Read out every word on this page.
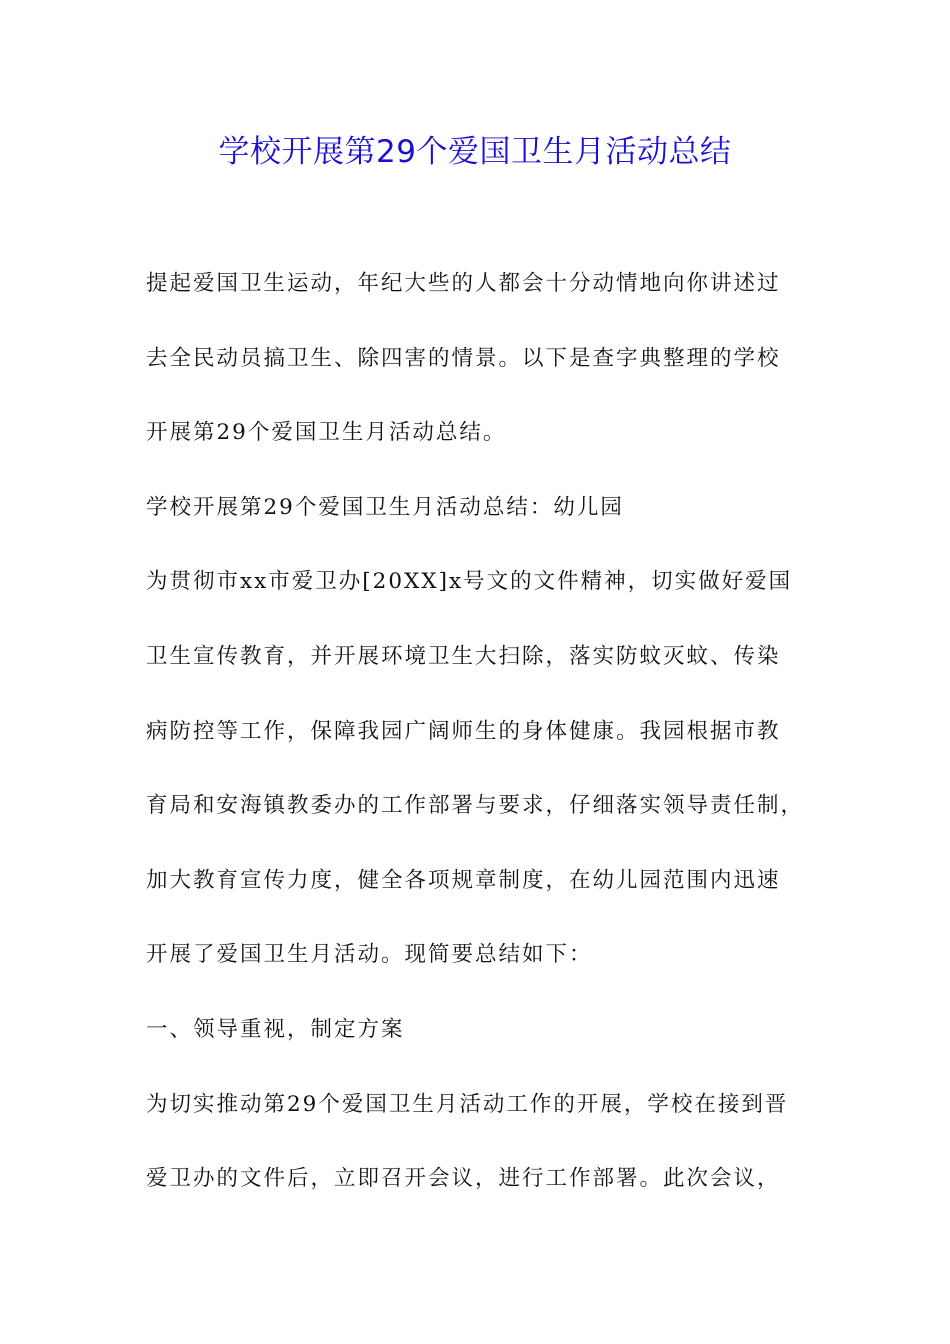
学校开展第29个爱国卫生月活动总结
提起爱国卫生运动，年纪大些的人都会十分动情地向你讲述过
去全民动员搞卫生、除四害的情景。以下是查字典整理的学校
开展第29个爱国卫生月活动总结。
学校开展第29个爱国卫生月活动总结：幼儿园
为贯彻市xx市爱卫办[20XX]x号文的文件精神，切实做好爱国
卫生宣传教育，并开展环境卫生大扫除，落实防蚊灭蚊、传染
病防控等工作，保障我园广阔师生的身体健康。我园根据市教
育局和安海镇教委办的工作部署与要求，仔细落实领导责任制，
加大教育宣传力度，健全各项规章制度，在幼儿园范围内迅速
开展了爱国卫生月活动。现简要总结如下：
一、领导重视，制定方案
为切实推动第29个爱国卫生月活动工作的开展，学校在接到晋
爱卫办的文件后，立即召开会议，进行工作部署。此次会议，
